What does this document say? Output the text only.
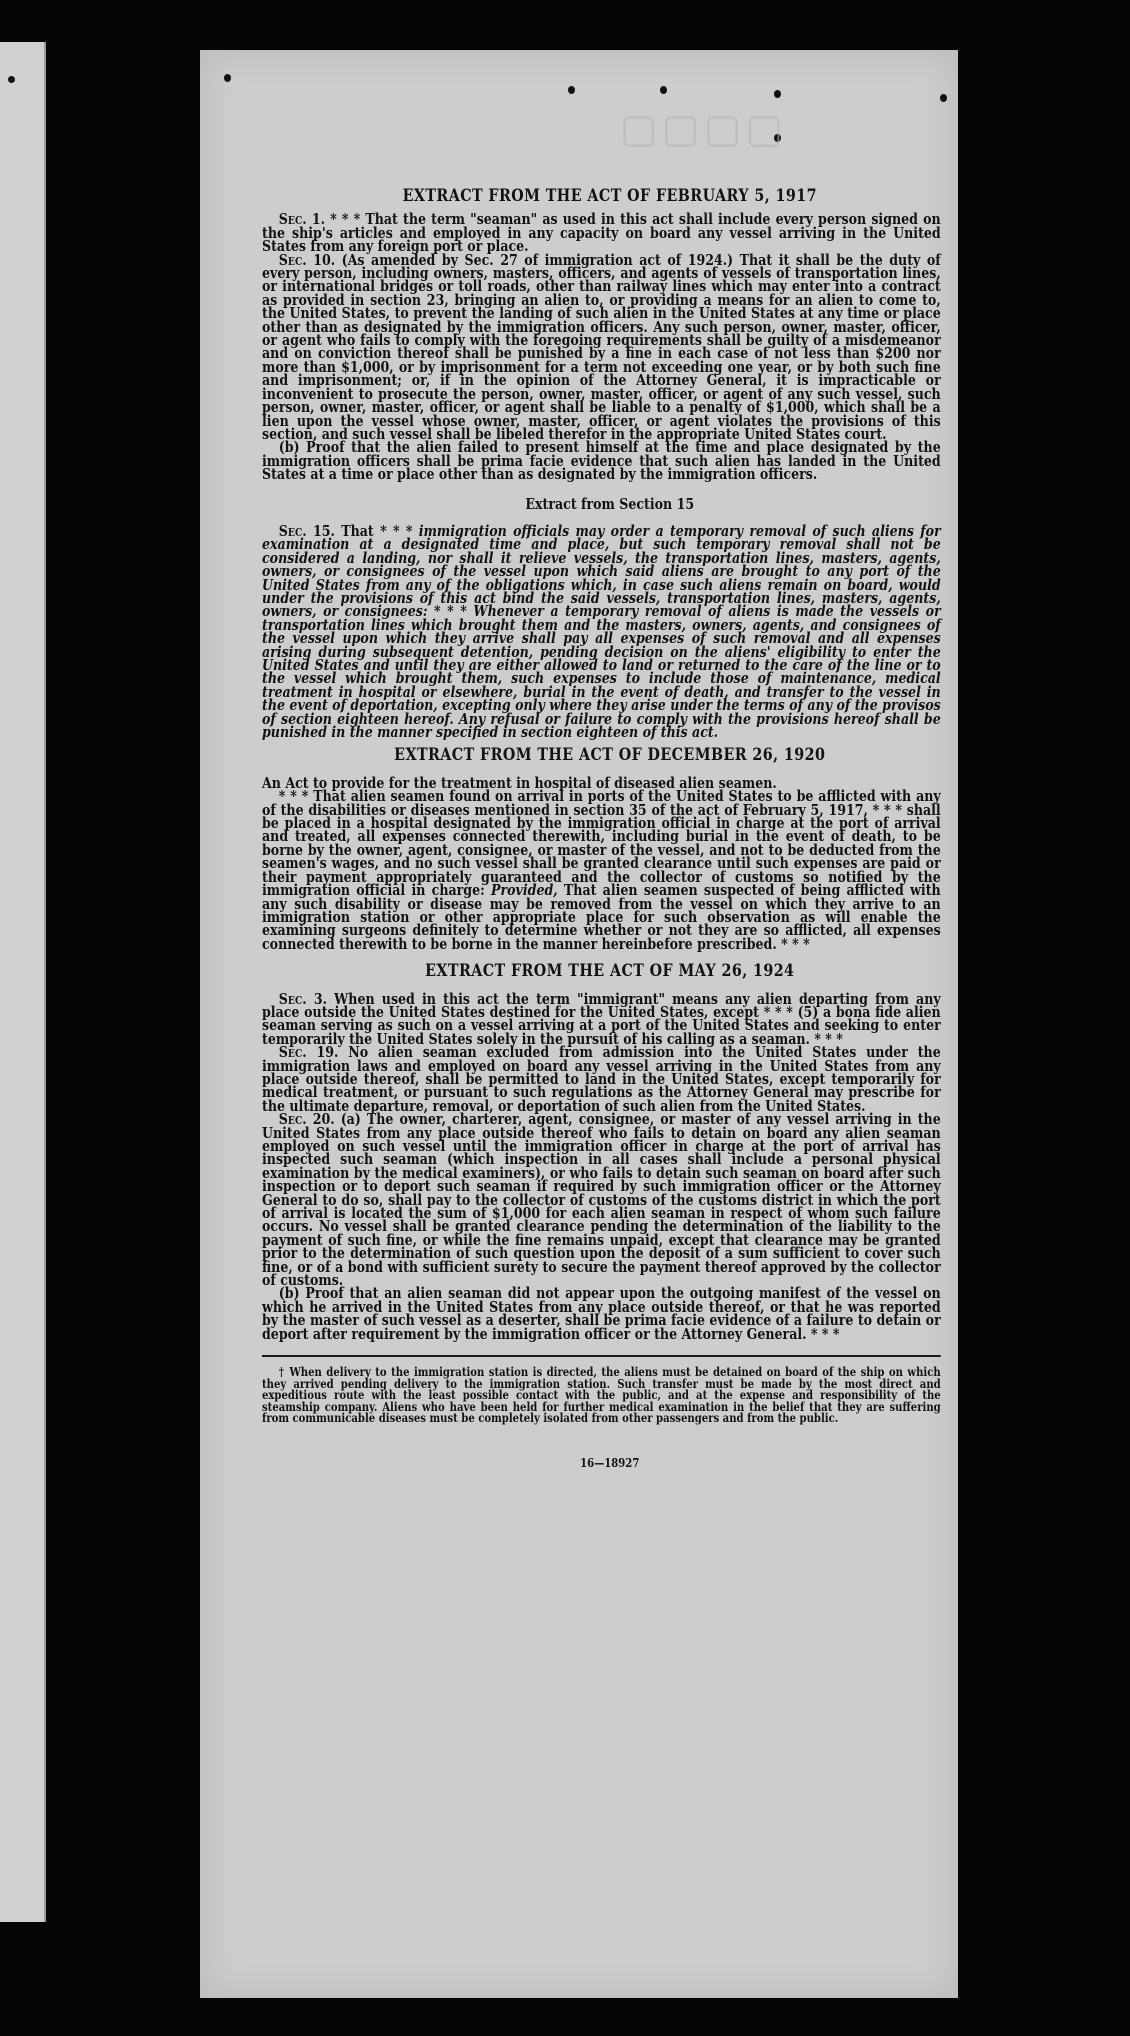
▢▢▢▢

EXTRACT FROM THE ACT OF FEBRUARY 5, 1917

Sec. 1. * * * That the term "seaman" as used in this act shall include every person signed on the ship's articles and employed in any capacity on board any vessel arriving in the United States from any foreign port or place.

Sec. 10. (As amended by Sec. 27 of immigration act of 1924.) That it shall be the duty of every person, including owners, masters, officers, and agents of vessels of transportation lines, or international bridges or toll roads, other than railway lines which may enter into a contract as provided in section 23, bringing an alien to, or providing a means for an alien to come to, the United States, to prevent the landing of such alien in the United States at any time or place other than as designated by the immigration officers. Any such person, owner, master, officer, or agent who fails to comply with the foregoing requirements shall be guilty of a misdemeanor and on conviction thereof shall be punished by a fine in each case of not less than $200 nor more than $1,000, or by imprisonment for a term not exceeding one year, or by both such fine and imprisonment; or, if in the opinion of the Attorney General, it is impracticable or inconvenient to prosecute the person, owner, master, officer, or agent of any such vessel, such person, owner, master, officer, or agent shall be liable to a penalty of $1,000, which shall be a lien upon the vessel whose owner, master, officer, or agent violates the provisions of this section, and such vessel shall be libeled therefor in the appropriate United States court.

(b) Proof that the alien failed to present himself at the time and place designated by the immigration officers shall be prima facie evidence that such alien has landed in the United States at a time or place other than as designated by the immigration officers.

Extract from Section 15

Sec. 15. That * * * immigration officials may order a temporary removal of such aliens for examination at a designated time and place, but such temporary removal shall not be considered a landing, nor shall it relieve vessels, the transportation lines, masters, agents, owners, or consignees of the vessel upon which said aliens are brought to any port of the United States from any of the obligations which, in case such aliens remain on board, would under the provisions of this act bind the said vessels, transportation lines, masters, agents, owners, or consignees: * * * Whenever a temporary removal of aliens is made the vessels or transportation lines which brought them and the masters, owners, agents, and consignees of the vessel upon which they arrive shall pay all expenses of such removal and all expenses arising during subsequent detention, pending decision on the aliens' eligibility to enter the United States and until they are either allowed to land or returned to the care of the line or to the vessel which brought them, such expenses to include those of maintenance, medical treatment in hospital or elsewhere, burial in the event of death, and transfer to the vessel in the event of deportation, excepting only where they arise under the terms of any of the provisos of section eighteen hereof. Any refusal or failure to comply with the provisions hereof shall be punished in the manner specified in section eighteen of this act.

EXTRACT FROM THE ACT OF DECEMBER 26, 1920

An Act to provide for the treatment in hospital of diseased alien seamen.

* * * That alien seamen found on arrival in ports of the United States to be afflicted with any of the disabilities or diseases mentioned in section 35 of the act of February 5, 1917, * * * shall be placed in a hospital designated by the immigration official in charge at the port of arrival and treated, all expenses connected therewith, including burial in the event of death, to be borne by the owner, agent, consignee, or master of the vessel, and not to be deducted from the seamen's wages, and no such vessel shall be granted clearance until such expenses are paid or their payment appropriately guaranteed and the collector of customs so notified by the immigration official in charge: Provided, That alien seamen suspected of being afflicted with any such disability or disease may be removed from the vessel on which they arrive to an immigration station or other appropriate place for such observation as will enable the examining surgeons definitely to determine whether or not they are so afflicted, all expenses connected therewith to be borne in the manner hereinbefore prescribed. * * *

EXTRACT FROM THE ACT OF MAY 26, 1924

Sec. 3. When used in this act the term "immigrant" means any alien departing from any place outside the United States destined for the United States, except * * * (5) a bona fide alien seaman serving as such on a vessel arriving at a port of the United States and seeking to enter temporarily the United States solely in the pursuit of his calling as a seaman. * * *

Sec. 19. No alien seaman excluded from admission into the United States under the immigration laws and employed on board any vessel arriving in the United States from any place outside thereof, shall be permitted to land in the United States, except temporarily for medical treatment, or pursuant to such regulations as the Attorney General may prescribe for the ultimate departure, removal, or deportation of such alien from the United States.

Sec. 20. (a) The owner, charterer, agent, consignee, or master of any vessel arriving in the United States from any place outside thereof who fails to detain on board any alien seaman employed on such vessel until the immigration officer in charge at the port of arrival has inspected such seaman (which inspection in all cases shall include a personal physical examination by the medical examiners), or who fails to detain such seaman on board after such inspection or to deport such seaman if required by such immigration officer or the Attorney General to do so, shall pay to the collector of customs of the customs district in which the port of arrival is located the sum of $1,000 for each alien seaman in respect of whom such failure occurs. No vessel shall be granted clearance pending the determination of the liability to the payment of such fine, or while the fine remains unpaid, except that clearance may be granted prior to the determination of such question upon the deposit of a sum sufficient to cover such fine, or of a bond with sufficient surety to secure the payment thereof approved by the collector of customs.

(b) Proof that an alien seaman did not appear upon the outgoing manifest of the vessel on which he arrived in the United States from any place outside thereof, or that he was reported by the master of such vessel as a deserter, shall be prima facie evidence of a failure to detain or deport after requirement by the immigration officer or the Attorney General. * * *

† When delivery to the immigration station is directed, the aliens must be detained on board of the ship on which they arrived pending delivery to the immigration station. Such transfer must be made by the most direct and expeditious route with the least possible contact with the public, and at the expense and responsibility of the steamship company. Aliens who have been held for further medical examination in the belief that they are suffering from communicable diseases must be completely isolated from other passengers and from the public.

16—18927
